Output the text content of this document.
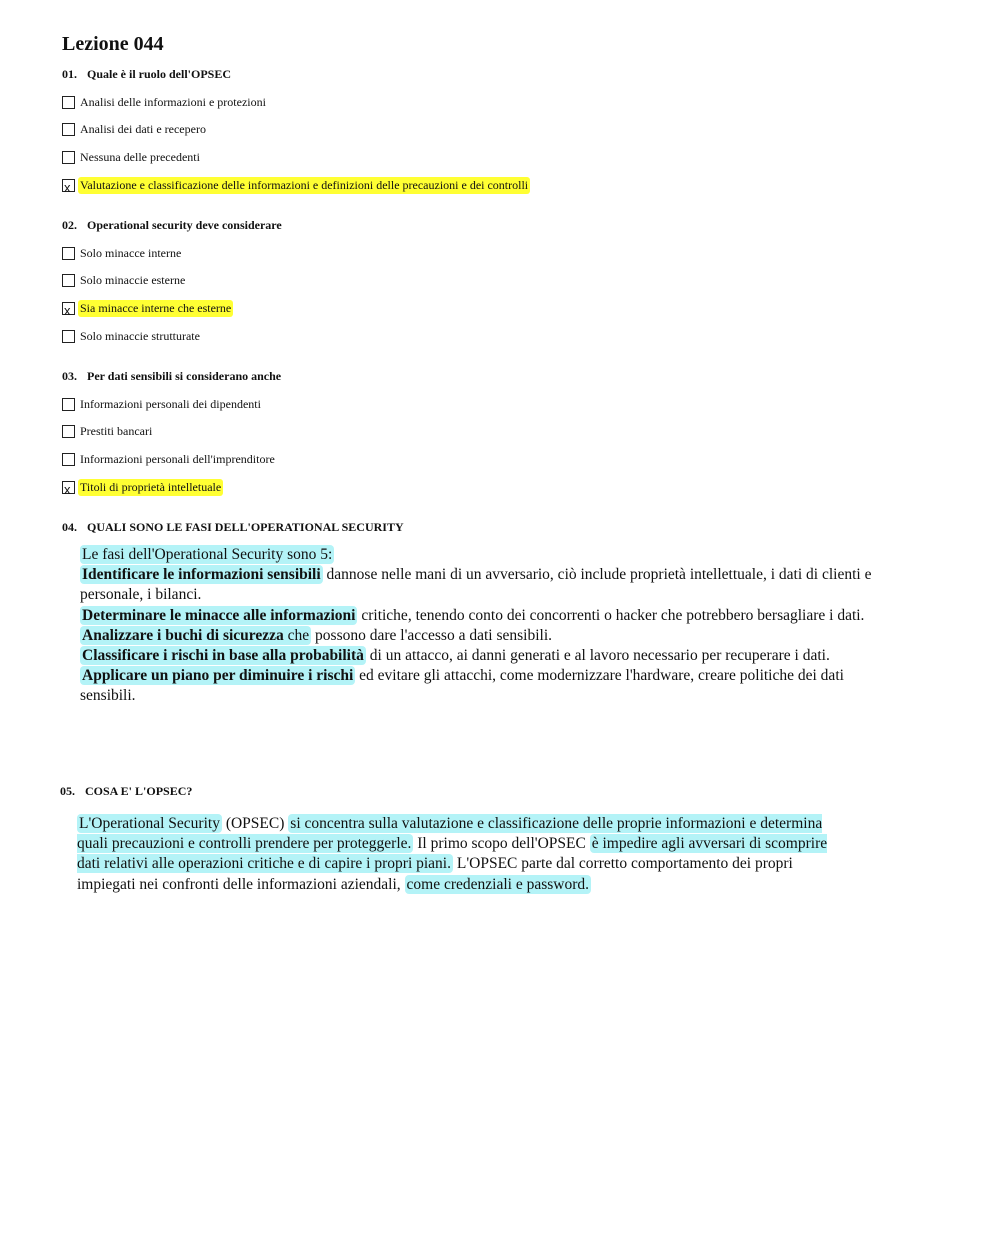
Lezione 044
01. Quale è il ruolo dell'OPSEC
Analisi delle informazioni e protezioni
Analisi dei dati e recepero
Nessuna delle precedenti
x Valutazione e classificazione delle informazioni e definizioni delle precauzioni e dei controlli
02. Operational security deve considerare
Solo minacce interne
Solo minaccie esterne
x Sia minacce interne che esterne
Solo minaccie strutturate
03. Per dati sensibili si considerano anche
Informazioni personali dei dipendenti
Prestiti bancari
Informazioni personali dell'imprenditore
x Titoli di proprietà intelletuale
04. QUALI SONO LE FASI DELL'OPERATIONAL SECURITY

Le fasi dell'Operational Security sono 5:

Identificare le informazioni sensibili dannose nelle mani di un avversario, ciò include proprietà intellettuale, i dati di clienti e personale, i bilanci.

Determinare le minacce alle informazioni critiche, tenendo conto dei concorrenti o hacker che potrebbero bersagliare i dati.

Analizzare i buchi di sicurezza che possono dare l'accesso a dati sensibili.

Classificare i rischi in base alla probabilità di un attacco, ai danni generati e al lavoro necessario per recuperare i dati.

Applicare un piano per diminuire i rischi ed evitare gli attacchi, come modernizzare l'hardware, creare politiche dei dati sensibili.

05. COSA E' L'OPSEC?

L'Operational Security (OPSEC) si concentra sulla valutazione e classificazione delle proprie informazioni e determina quali precauzioni e controlli prendere per proteggerle. Il primo scopo dell'OPSEC è impedire agli avversari di scomprire dati relativi alle operazioni critiche e di capire i propri piani. L'OPSEC parte dal corretto comportamento dei propri impiegati nei confronti delle informazioni aziendali, come credenziali e password.
